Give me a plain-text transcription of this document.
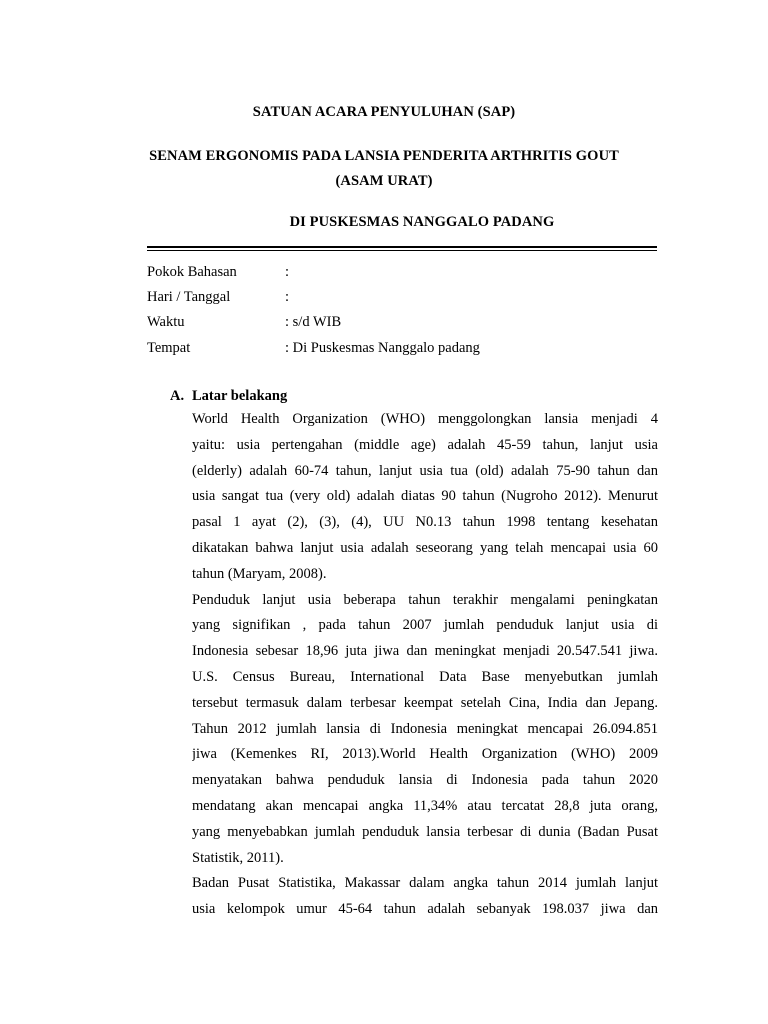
SATUAN ACARA PENYULUHAN (SAP)
SENAM ERGONOMIS PADA LANSIA PENDERITA ARTHRITIS GOUT
(ASAM URAT)
DI PUSKESMAS NANGGALO PADANG
Pokok Bahasan	:
Hari / Tanggal	:
Waktu	: s/d WIB
Tempat	: Di Puskesmas Nanggalo padang
A. Latar belakang
World Health Organization (WHO) menggolongkan lansia menjadi 4
yaitu: usia pertengahan (middle age) adalah 45-59 tahun, lanjut usia
(elderly) adalah 60-74 tahun, lanjut usia tua (old) adalah 75-90 tahun dan
usia sangat tua (very old) adalah diatas 90 tahun (Nugroho 2012). Menurut
pasal 1 ayat (2), (3), (4), UU N0.13 tahun 1998 tentang kesehatan
dikatakan bahwa lanjut usia adalah seseorang yang telah mencapai usia 60
tahun (Maryam, 2008).
Penduduk lanjut usia beberapa tahun terakhir mengalami peningkatan
yang signifikan , pada tahun 2007 jumlah penduduk lanjut usia di
Indonesia sebesar 18,96 juta jiwa dan meningkat menjadi 20.547.541 jiwa.
U.S. Census Bureau, International Data Base menyebutkan jumlah
tersebut termasuk dalam terbesar keempat setelah Cina, India dan Jepang.
Tahun 2012 jumlah lansia di Indonesia meningkat mencapai 26.094.851
jiwa (Kemenkes RI, 2013).World Health Organization (WHO) 2009
menyatakan bahwa penduduk lansia di Indonesia pada tahun 2020
mendatang akan mencapai angka 11,34% atau tercatat 28,8 juta orang,
yang menyebabkan jumlah penduduk lansia terbesar di dunia (Badan Pusat
Statistik, 2011).
Badan Pusat Statistika, Makassar dalam angka tahun 2014 jumlah lanjut
usia kelompok umur 45-64 tahun adalah sebanyak 198.037 jiwa dan
